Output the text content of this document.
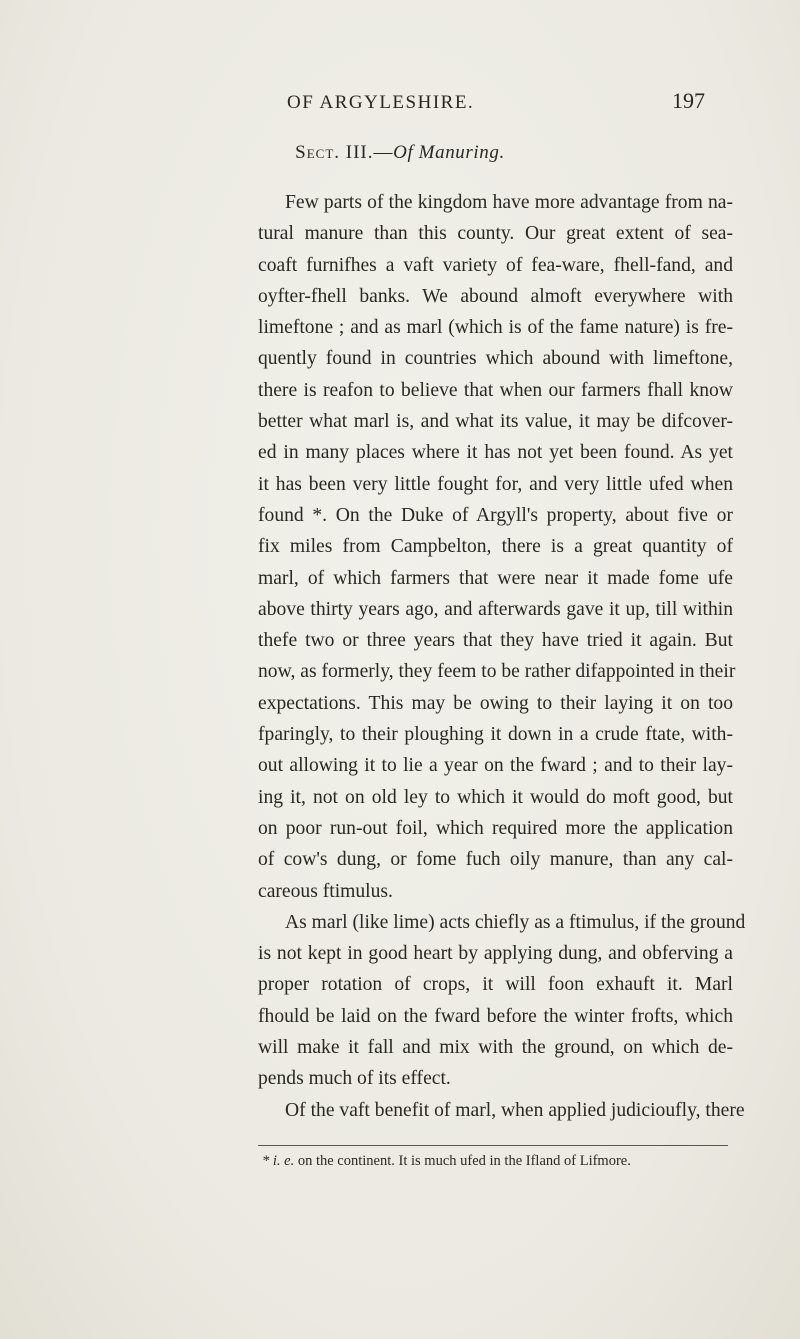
OF ARGYLESHIRE.	197
Sect. III.—Of Manuring.
Few parts of the kingdom have more advantage from na-
tural manure than this county. Our great extent of sea-
coaft furnifhes a vaft variety of fea-ware, fhell-fand, and
oyfter-fhell banks. We abound almoft everywhere with
limeftone ; and as marl (which is of the fame nature) is fre-
quently found in countries which abound with limeftone,
there is reafon to believe that when our farmers fhall know
better what marl is, and what its value, it may be difcover-
ed in many places where it has not yet been found. As yet
it has been very little fought for, and very little ufed when
found *. On the Duke of Argyll's property, about five or
fix miles from Campbelton, there is a great quantity of
marl, of which farmers that were near it made fome ufe
above thirty years ago, and afterwards gave it up, till within
thefe two or three years that they have tried it again. But
now, as formerly, they feem to be rather difappointed in their
expectations. This may be owing to their laying it on too
fparingly, to their ploughing it down in a crude ftate, with-
out allowing it to lie a year on the fward ; and to their lay-
ing it, not on old ley to which it would do moft good, but
on poor run-out foil, which required more the application
of cow's dung, or fome fuch oily manure, than any cal-
careous ftimulus.
As marl (like lime) acts chiefly as a ftimulus, if the ground
is not kept in good heart by applying dung, and obferving a
proper rotation of crops, it will foon exhauft it. Marl
fhould be laid on the fward before the winter frofts, which
will make it fall and mix with the ground, on which de-
pends much of its effect.
Of the vaft benefit of marl, when applied judicioufly, there
* i. e. on the continent. It is much ufed in the Ifland of Lifmore.
